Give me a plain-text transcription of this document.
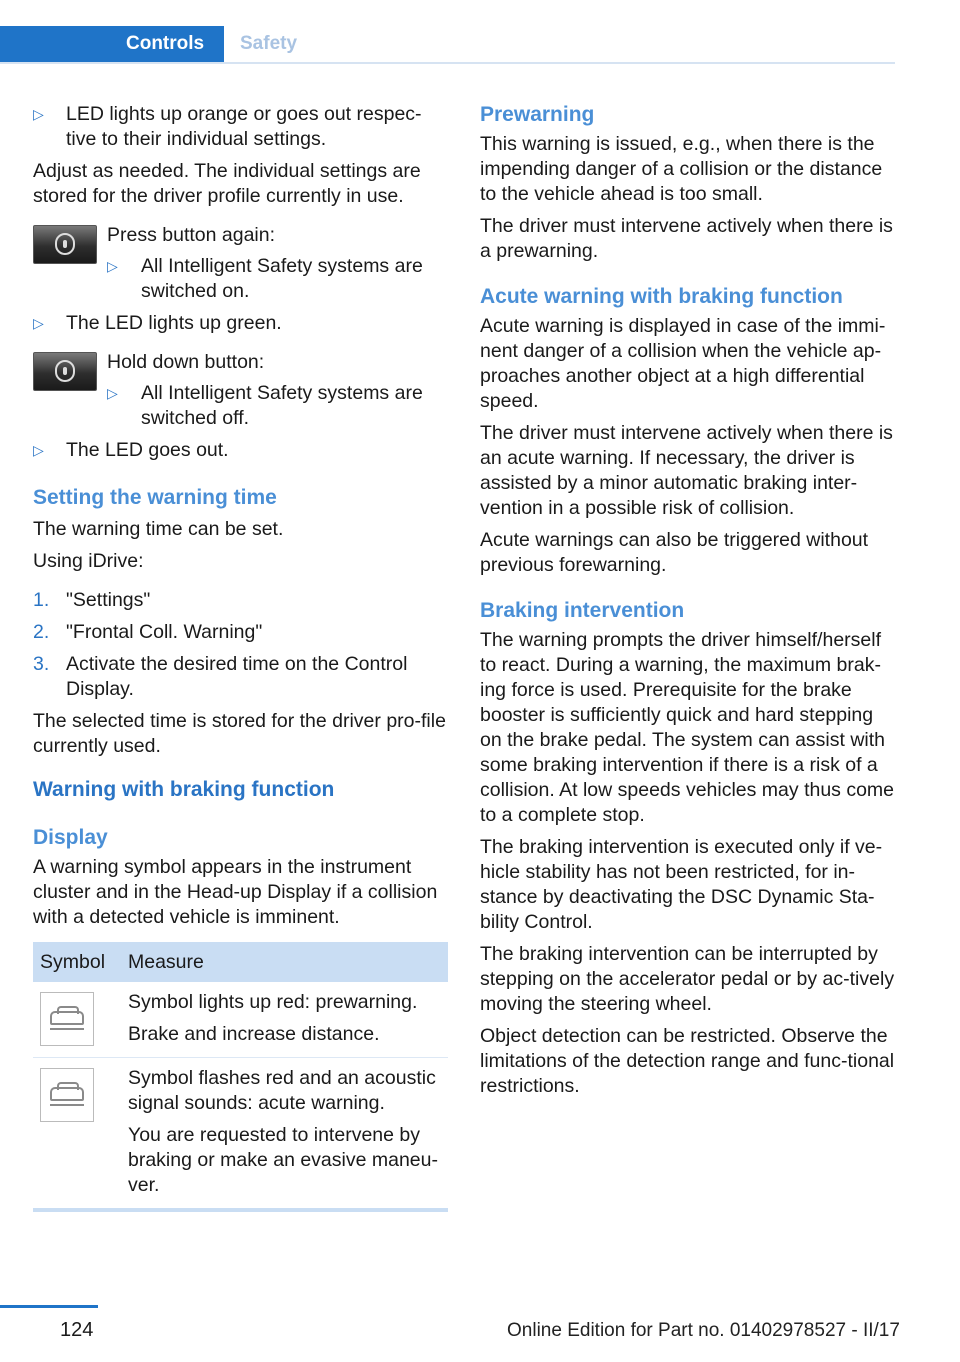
Controls	Safety
▷ LED lights up orange or goes out respec-tive to their individual settings.

Adjust as needed. The individual settings are stored for the driver profile currently in use.

Press button again:
▷ All Intelligent Safety systems are switched on.
▷ The LED lights up green.
Hold down button:
▷ All Intelligent Safety systems are switched off.
▷ The LED goes out.
Setting the warning time

The warning time can be set.

Using iDrive:

1. "Settings"
2. "Frontal Coll. Warning"
3. Activate the desired time on the Control Display.

The selected time is stored for the driver pro-file currently used.

Warning with braking function
Display

A warning symbol appears in the instrument cluster and in the Head-up Display if a collision with a detected vehicle is imminent.

Symbol	Measure

	Symbol lights up red: prewarning.

Brake and increase distance.

	Symbol flashes red and an acoustic signal sounds: acute warning.

You are requested to intervene by braking or make an evasive maneu-ver.

Prewarning

This warning is issued, e.g., when there is the impending danger of a collision or the distance to the vehicle ahead is too small.

The driver must intervene actively when there is a prewarning.

Acute warning with braking function

Acute warning is displayed in case of the immi-nent danger of a collision when the vehicle ap-proaches another object at a high differential speed.

The driver must intervene actively when there is an acute warning. If necessary, the driver is assisted by a minor automatic braking inter-vention in a possible risk of collision.

Acute warnings can also be triggered without previous forewarning.

Braking intervention

The warning prompts the driver himself/herself to react. During a warning, the maximum brak-ing force is used. Prerequisite for the brake booster is sufficiently quick and hard stepping on the brake pedal. The system can assist with some braking intervention if there is a risk of a collision. At low speeds vehicles may thus come to a complete stop.

The braking intervention is executed only if ve-hicle stability has not been restricted, for in-stance by deactivating the DSC Dynamic Sta-bility Control.

The braking intervention can be interrupted by stepping on the accelerator pedal or by ac-tively moving the steering wheel.

Object detection can be restricted. Observe the limitations of the detection range and func-tional restrictions.

124	Online Edition for Part no. 01402978527 - II/17
